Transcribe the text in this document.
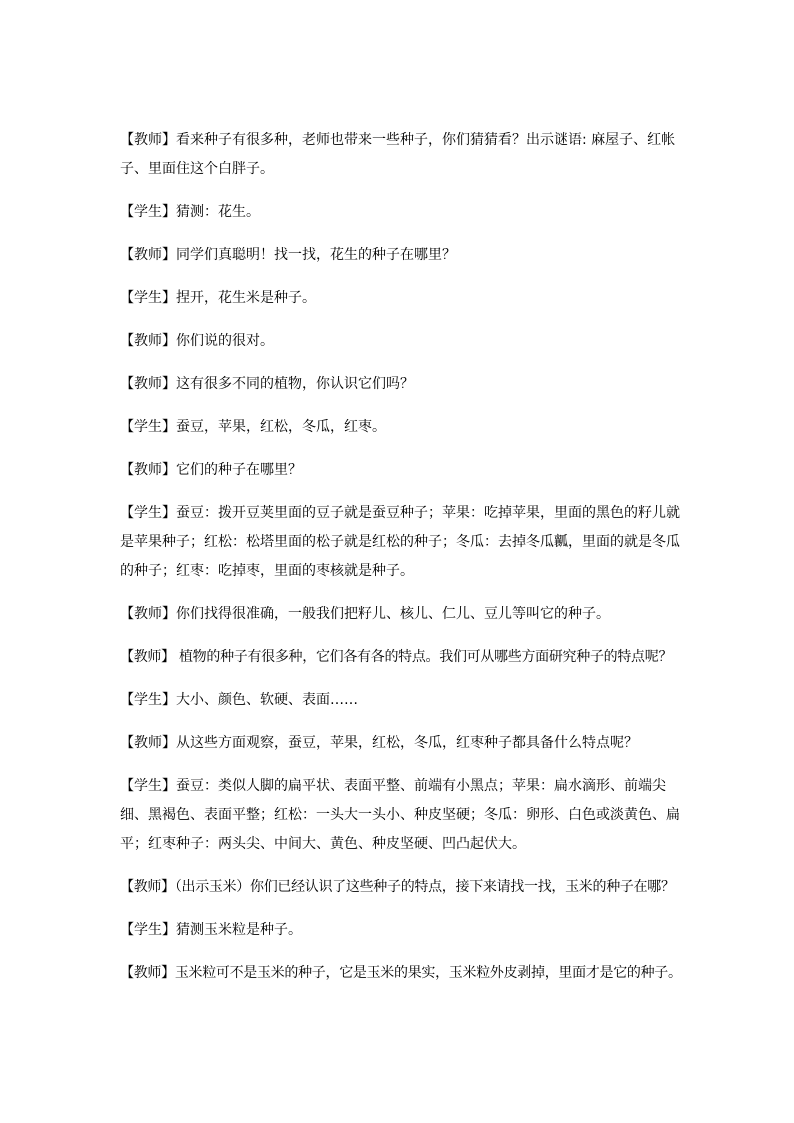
【教师】看来种子有很多种，老师也带来一些种子，你们猜猜看？出示谜语: 麻屋子、红帐子、里面住这个白胖子。

【学生】猜测：花生。

【教师】同学们真聪明！找一找，花生的种子在哪里？

【学生】捏开，花生米是种子。

【教师】你们说的很对。

【教师】这有很多不同的植物，你认识它们吗？

【学生】蚕豆，苹果，红松，冬瓜，红枣。

【教师】它们的种子在哪里？

【学生】蚕豆：拨开豆荚里面的豆子就是蚕豆种子；苹果：吃掉苹果，里面的黑色的籽儿就是苹果种子；红松：松塔里面的松子就是红松的种子；冬瓜：去掉冬瓜瓤，里面的就是冬瓜的种子；红枣：吃掉枣，里面的枣核就是种子。

【教师】你们找得很准确，一般我们把籽儿、核儿、仁儿、豆儿等叫它的种子。

【教师】 植物的种子有很多种，它们各有各的特点。我们可从哪些方面研究种子的特点呢？

【学生】大小、颜色、软硬、表面……

【教师】从这些方面观察，蚕豆，苹果，红松，冬瓜，红枣种子都具备什么特点呢？

【学生】蚕豆：类似人脚的扁平状、表面平整、前端有小黑点；苹果：扁水滴形、前端尖细、黑褐色、表面平整；红松：一头大一头小、种皮坚硬；冬瓜：卵形、白色或淡黄色、扁平；红枣种子：两头尖、中间大、黄色、种皮坚硬、凹凸起伏大。

【教师】（出示玉米）你们已经认识了这些种子的特点，接下来请找一找，玉米的种子在哪？

【学生】猜测玉米粒是种子。

【教师】玉米粒可不是玉米的种子，它是玉米的果实，玉米粒外皮剥掉，里面才是它的种子。
